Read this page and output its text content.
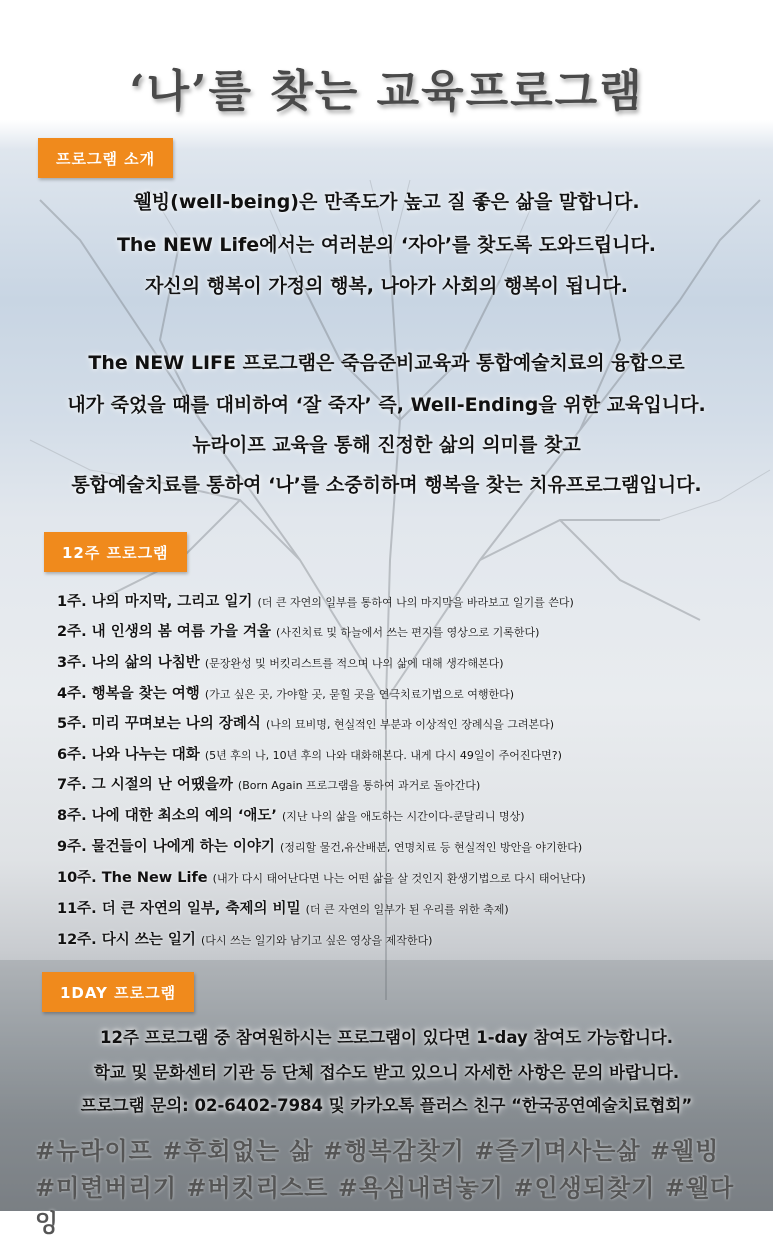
‘나’를 찾는 교육프로그램
프로그램 소개
웰빙(well-being)은 만족도가 높고 질 좋은 삶을 말합니다.
The NEW Life에서는 여러분의 ‘자아’를 찾도록 도와드립니다.
자신의 행복이 가정의 행복, 나아가 사회의 행복이 됩니다.
The NEW LIFE 프로그램은 죽음준비교육과 통합예술치료의 융합으로
내가 죽었을 때를 대비하여 ‘잘 죽자’ 즉, Well-Ending을 위한 교육입니다.
뉴라이프 교육을 통해 진정한 삶의 의미를 찾고
통합예술치료를 통하여 ‘나’를 소중히하며 행복을 찾는 치유프로그램입니다.
12주 프로그램
1주. 나의 마지막, 그리고 일기 (더 큰 자연의 일부를 통하여 나의 마지막을 바라보고 일기를 쓴다)
2주. 내 인생의 봄 여름 가을 겨울 (사진치료 및 하늘에서 쓰는 편지를 영상으로 기록한다)
3주. 나의 삶의 나침반 (문장완성 및 버킷리스트를 적으며 나의 삶에 대해 생각해본다)
4주. 행복을 찾는 여행 (가고 싶은 곳, 가야할 곳, 묻힐 곳을 연극치료기법으로 여행한다)
5주. 미리 꾸며보는 나의 장례식 (나의 묘비명, 현실적인 부분과 이상적인 장례식을 그려본다)
6주. 나와 나누는 대화 (5년 후의 나, 10년 후의 나와 대화해본다. 내게 다시 49일이 주어진다면?)
7주. 그 시절의 난 어땠을까 (Born Again 프로그램을 통하여 과거로 돌아간다)
8주. 나에 대한 최소의 예의 ‘애도’ (지난 나의 삶을 애도하는 시간이다-쿤달리니 명상)
9주. 물건들이 나에게 하는 이야기 (정리할 물건,유산배분, 연명치료 등 현실적인 방안을 야기한다)
10주. The New Life (내가 다시 태어난다면 나는 어떤 삶을 살 것인지 환생기법으로 다시 태어난다)
11주. 더 큰 자연의 일부, 축제의 비밀 (더 큰 자연의 일부가 된 우리를 위한 축제)
12주. 다시 쓰는 일기 (다시 쓰는 일기와 남기고 싶은 영상을 제작한다)
1DAY 프로그램
12주 프로그램 중 참여원하시는 프로그램이 있다면 1-day 참여도 가능합니다.
학교 및 문화센터 기관 등 단체 접수도 받고 있으니 자세한 사항은 문의 바랍니다.
프로그램 문의: 02-6402-7984 및 카카오톡 플러스 친구 “한국공연예술치료협회”
#뉴라이프 #후회없는 삶 #행복감찾기 #즐기며사는삶 #웰빙
#미련버리기 #버킷리스트 #욕심내려놓기 #인생되찾기 #웰다잉
